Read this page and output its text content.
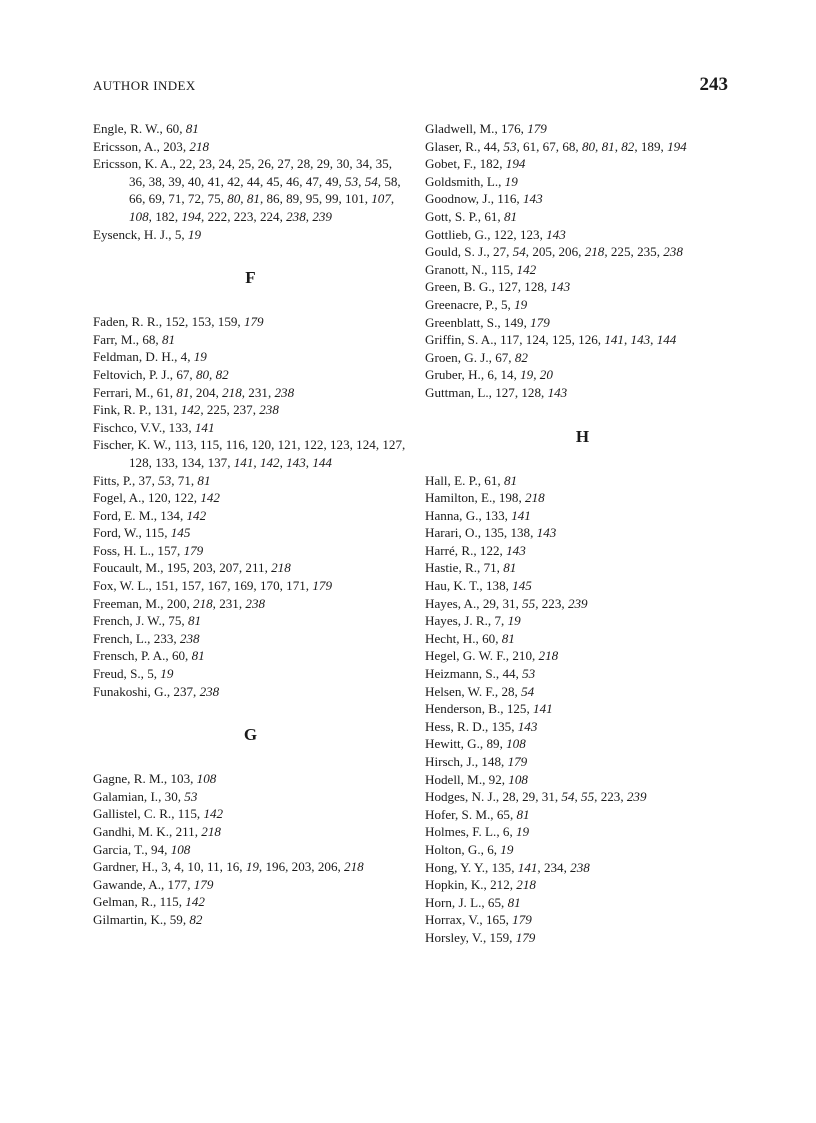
AUTHOR INDEX	243

Engle, R. W., 60, 81

Ericsson, A., 203, 218

Ericsson, K. A., 22, 23, 24, 25, 26, 27, 28, 29, 30, 34, 35, 36, 38, 39, 40, 41, 42, 44, 45, 46, 47, 49, 53, 54, 58, 66, 69, 71, 72, 75, 80, 81, 86, 89, 95, 99, 101, 107, 108, 182, 194, 222, 223, 224, 238, 239

Eysenck, H. J., 5, 19

F

Faden, R. R., 152, 153, 159, 179

Farr, M., 68, 81

Feldman, D. H., 4, 19

Feltovich, P. J., 67, 80, 82

Ferrari, M., 61, 81, 204, 218, 231, 238

Fink, R. P., 131, 142, 225, 237, 238

Fischco, V.V., 133, 141

Fischer, K. W., 113, 115, 116, 120, 121, 122, 123, 124, 127, 128, 133, 134, 137, 141, 142, 143, 144

Fitts, P., 37, 53, 71, 81

Fogel, A., 120, 122, 142

Ford, E. M., 134, 142

Ford, W., 115, 145

Foss, H. L., 157, 179

Foucault, M., 195, 203, 207, 211, 218

Fox, W. L., 151, 157, 167, 169, 170, 171, 179

Freeman, M., 200, 218, 231, 238

French, J. W., 75, 81

French, L., 233, 238

Frensch, P. A., 60, 81

Freud, S., 5, 19

Funakoshi, G., 237, 238

G

Gagne, R. M., 103, 108

Galamian, I., 30, 53

Gallistel, C. R., 115, 142

Gandhi, M. K., 211, 218

Garcia, T., 94, 108

Gardner, H., 3, 4, 10, 11, 16, 19, 196, 203, 206, 218

Gawande, A., 177, 179

Gelman, R., 115, 142

Gilmartin, K., 59, 82

Gladwell, M., 176, 179

Glaser, R., 44, 53, 61, 67, 68, 80, 81, 82, 189, 194

Gobet, F., 182, 194

Goldsmith, L., 19

Goodnow, J., 116, 143

Gott, S. P., 61, 81

Gottlieb, G., 122, 123, 143

Gould, S. J., 27, 54, 205, 206, 218, 225, 235, 238

Granott, N., 115, 142

Green, B. G., 127, 128, 143

Greenacre, P., 5, 19

Greenblatt, S., 149, 179

Griffin, S. A., 117, 124, 125, 126, 141, 143, 144

Groen, G. J., 67, 82

Gruber, H., 6, 14, 19, 20

Guttman, L., 127, 128, 143

H

Hall, E. P., 61, 81

Hamilton, E., 198, 218

Hanna, G., 133, 141

Harari, O., 135, 138, 143

Harré, R., 122, 143

Hastie, R., 71, 81

Hau, K. T., 138, 145

Hayes, A., 29, 31, 55, 223, 239

Hayes, J. R., 7, 19

Hecht, H., 60, 81

Hegel, G. W. F., 210, 218

Heizmann, S., 44, 53

Helsen, W. F., 28, 54

Henderson, B., 125, 141

Hess, R. D., 135, 143

Hewitt, G., 89, 108

Hirsch, J., 148, 179

Hodell, M., 92, 108

Hodges, N. J., 28, 29, 31, 54, 55, 223, 239

Hofer, S. M., 65, 81

Holmes, F. L., 6, 19

Holton, G., 6, 19

Hong, Y. Y., 135, 141, 234, 238

Hopkin, K., 212, 218

Horn, J. L., 65, 81

Horrax, V., 165, 179

Horsley, V., 159, 179
